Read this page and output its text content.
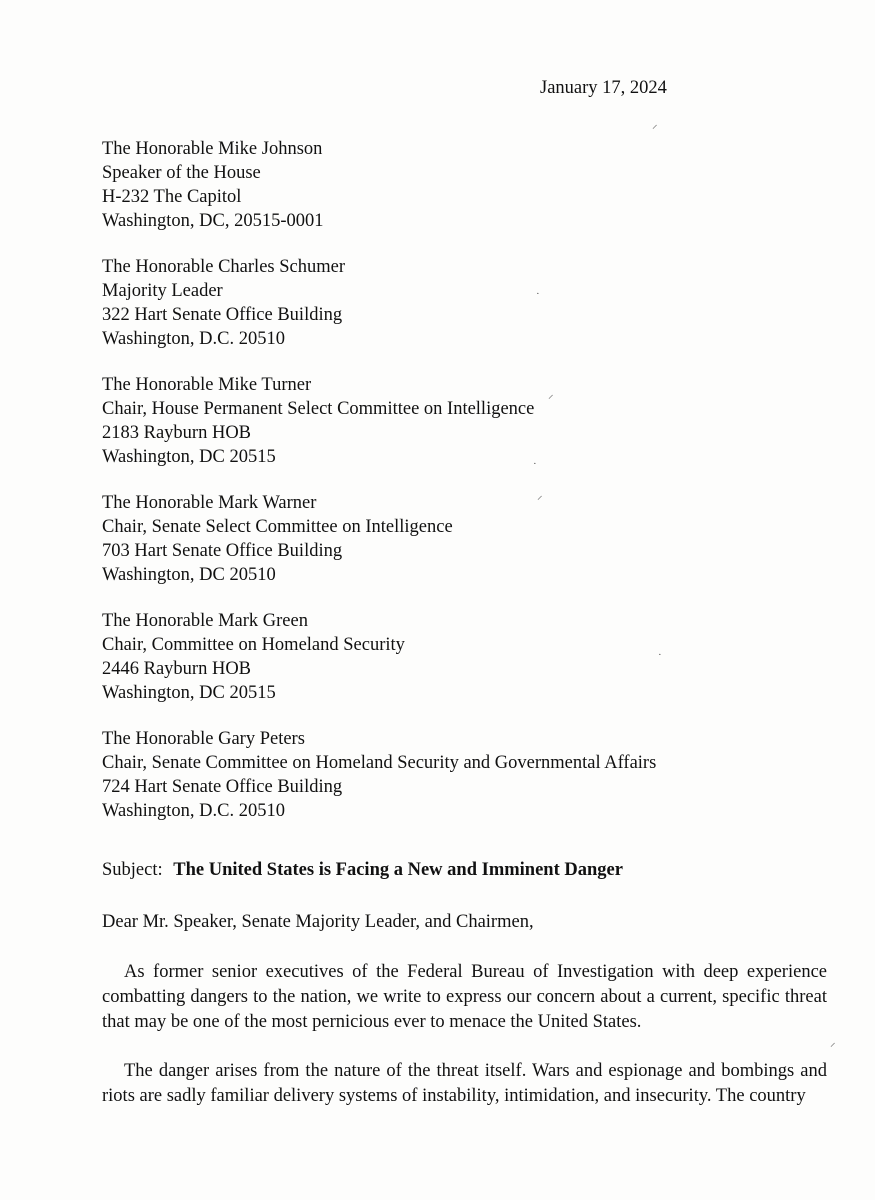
January 17, 2024
The Honorable Mike Johnson
Speaker of the House
H-232 The Capitol
Washington, DC, 20515-0001
The Honorable Charles Schumer
Majority Leader
322 Hart Senate Office Building
Washington, D.C. 20510
The Honorable Mike Turner
Chair, House Permanent Select Committee on Intelligence
2183 Rayburn HOB
Washington, DC 20515
The Honorable Mark Warner
Chair, Senate Select Committee on Intelligence
703 Hart Senate Office Building
Washington, DC 20510
The Honorable Mark Green
Chair, Committee on Homeland Security
2446 Rayburn HOB
Washington, DC 20515
The Honorable Gary Peters
Chair, Senate Committee on Homeland Security and Governmental Affairs
724 Hart Senate Office Building
Washington, D.C. 20510
Subject: The United States is Facing a New and Imminent Danger
Dear Mr. Speaker, Senate Majority Leader, and Chairmen,

As former senior executives of the Federal Bureau of Investigation with deep experience combatting dangers to the nation, we write to express our concern about a current, specific threat that may be one of the most pernicious ever to menace the United States.

The danger arises from the nature of the threat itself. Wars and espionage and bombings and riots are sadly familiar delivery systems of instability, intimidation, and insecurity. The country

⸝
·
⸝
·
⸝
·
⸝
